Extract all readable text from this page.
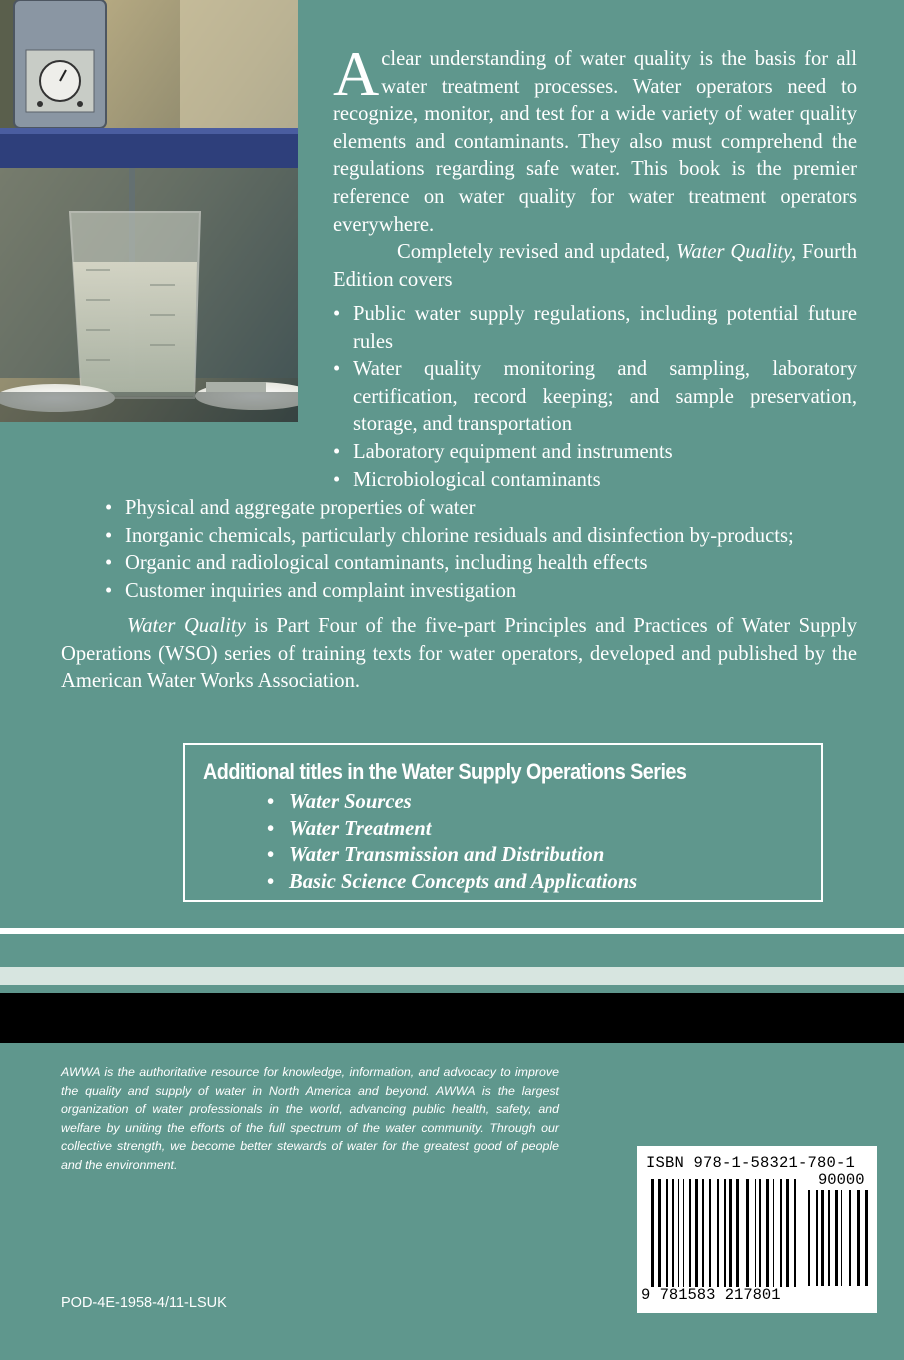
A clear understanding of water quality is the basis for all water treatment processes. Water operators need to recognize, monitor, and test for a wide variety of water quality elements and contaminants. They also must comprehend the regulations regarding safe water. This book is the premier reference on water quality for water treatment operators everywhere.

Completely revised and updated, Water Quality, Fourth Edition covers

• Public water supply regulations, including potential future rules
• Water quality monitoring and sampling, laboratory certification, record keeping; and sample preservation, storage, and transportation
• Laboratory equipment and instruments
• Microbiological contaminants
• Physical and aggregate properties of water
• Inorganic chemicals, particularly chlorine residuals and disinfection by-products;
• Organic and radiological contaminants, including health effects
• Customer inquiries and complaint investigation

Water Quality is Part Four of the five-part Principles and Practices of Water Supply Operations (WSO) series of training texts for water operators, developed and published by the American Water Works Association.

Additional titles in the Water Supply Operations Series
• Water Sources
• Water Treatment
• Water Transmission and Distribution
• Basic Science Concepts and Applications

AWWA is the authoritative resource for knowledge, information, and advocacy to improve the quality and supply of water in North America and beyond. AWWA is the largest organization of water professionals in the world, advancing public health, safety, and welfare by uniting the efforts of the full spectrum of the water community. Through our collective strength, we become better stewards of water for the greatest good of people and the environment.	ISBN 978-1-58321-780-1
90000
9 781583 217801
POD-4E-1958-4/11-LSUK
